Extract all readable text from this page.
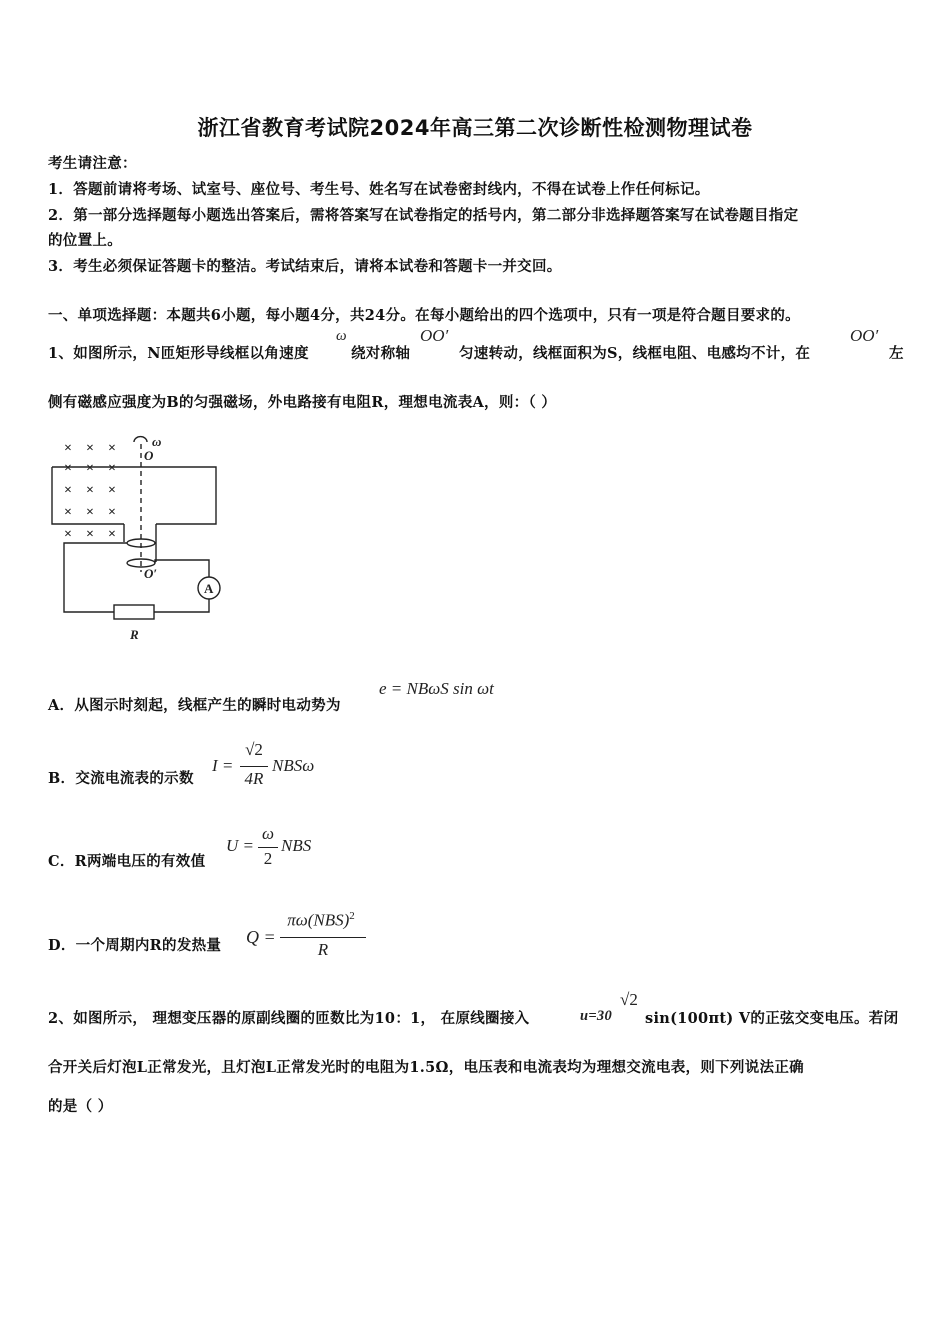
浙江省教育考试院2024年高三第二次诊断性检测物理试卷
考生请注意：
1．答题前请将考场、试室号、座位号、考生号、姓名写在试卷密封线内，不得在试卷上作任何标记。
2．第一部分选择题每小题选出答案后，需将答案写在试卷指定的括号内，第二部分非选择题答案写在试卷题目指定
的位置上。
3．考生必须保证答题卡的整洁。考试结束后，请将本试卷和答题卡一并交回。
一、单项选择题：本题共6小题，每小题4分，共24分。在每小题给出的四个选项中，只有一项是符合题目要求的。
1、如图所示，N匝矩形导线框以角速度
ω
绕对称轴
OO′
匀速转动，线框面积为S，线框电阻、电感均不计，在
OO′
左
侧有磁感应强度为B的匀强磁场，外电路接有电阻R，理想电流表A，则：（ ）
O
ω
O′
A
R
× × ×
× × ×
× × ×
× × ×
× × ×
A．从图示时刻起，线框产生的瞬时电动势为
e = NBωS sin ωt
B．交流电流表的示数
I =
√2
4R
NBSω
C．R两端电压的有效值
U =
ω
2
NBS
D．一个周期内R的发热量 Q =
πω(NBS)$^2$
R
2、如图所示， 理想变压器的原副线圈的匝数比为10：1， 在原线圈接入	u=30
√2
sin(100πt) V的正弦交变电压。若闭
合开关后灯泡L正常发光，且灯泡L正常发光时的电阻为1.5Ω，电压表和电流表均为理想交流电表，则下列说法正确
的是（ ）
